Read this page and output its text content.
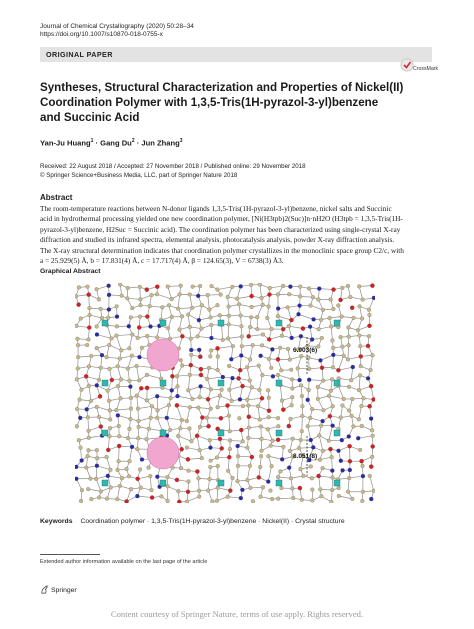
Journal of Chemical Crystallography (2020) 50:28–34
https://doi.org/10.1007/s10870-018-0755-x
ORIGINAL PAPER
CrossMark
Syntheses, Structural Characterization and Properties of Nickel(II)
Coordination Polymer with 1,3,5-Tris(1H-pyrazol-3-yl)benzene
and Succinic Acid
Yan-Ju Huang$^1$ · Gang $Du^2$ · Jun Zhang$^3$
Received: 22 August 2018 / Accepted: 27 November 2018 / Published online: 29 November 2018
© Springer Science+Business Media, LLC, part of Springer Nature 2018
Abstract
The room-temperature reactions between N-donor ligands 1,3,5-Tris(1H-pyrazol-3-yl)benzene, nickel salts and Succinic
acid in hydrothermal processing yielded one new coordination polymer, [Ni(H3tpb)2(Suc)]n·nH2O (H3tpb = 1,3,5-Tris(1H-
pyrazol-3-yl)benzene, H2Suc = Succinic acid). The coordination polymer has been characterized using single-crystal X-ray
diffraction and studied its infrared spectra, elemental analysis, photocatalysis analysis, powder X-ray diffraction analysis.
The X-ray structural determination indicates that coordination polymer crystallizes in the monoclinic space group C2/c, with
a = 25.929(5) Å, b = 17.831(4) Å, c = 17.717(4) Å, β = 124.65(3), V = 6738(3) Å3.
Graphical Abstract
6.903(6)
8.051(8)
Keywords Coordination polymer · 1,3,5-Tris(1H-pyrazol-3-yl)benzene · Nickel(II) · Crystal structure
Extended author information available on the last page of the article
Springer
Content courtesy of Springer Nature, terms of use apply. Rights reserved.
